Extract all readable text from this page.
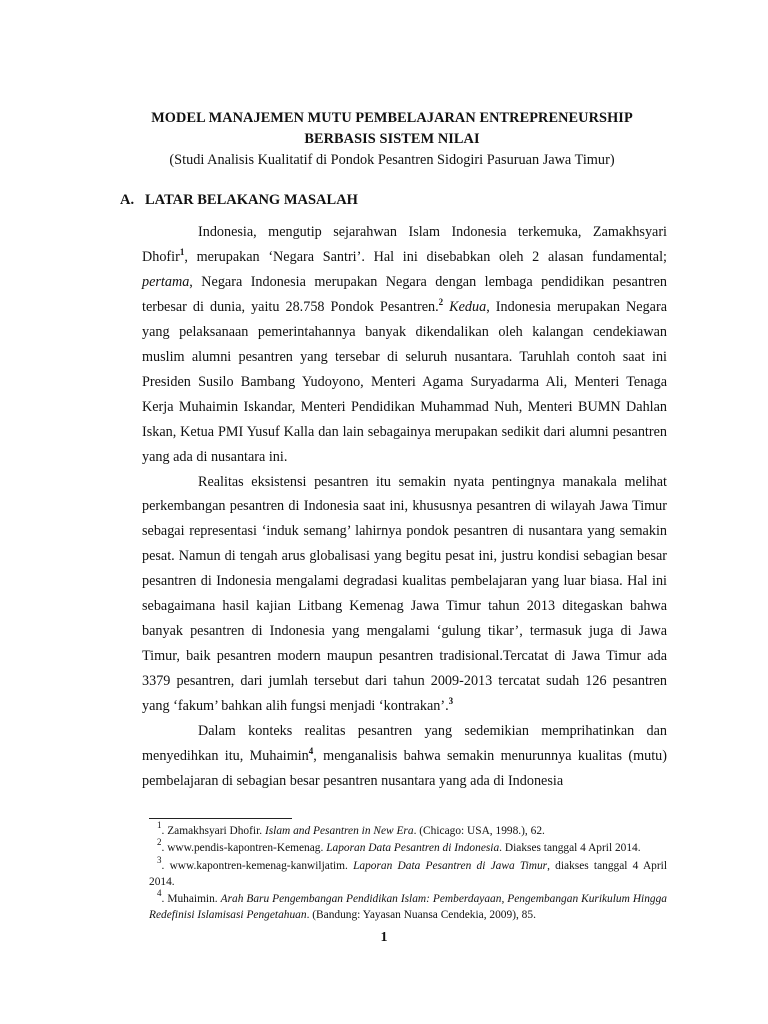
MODEL MANAJEMEN MUTU PEMBELAJARAN ENTREPRENEURSHIP
BERBASIS SISTEM NILAI
(Studi Analisis Kualitatif di Pondok Pesantren Sidogiri Pasuruan Jawa Timur)
A. LATAR BELAKANG MASALAH

Indonesia, mengutip sejarahwan Islam Indonesia terkemuka, Zamakhsyari Dhofir$^1$, merupakan ‘Negara Santri’. Hal ini disebabkan oleh 2 alasan fundamental; pertama, Negara Indonesia merupakan Negara dengan lembaga pendidikan pesantren terbesar di dunia, yaitu 28.758 Pondok Pesantren.$^2$ Kedua, Indonesia merupakan Negara yang pelaksanaan pemerintahannya banyak dikendalikan oleh kalangan cendekiawan muslim alumni pesantren yang tersebar di seluruh nusantara. Taruhlah contoh saat ini Presiden Susilo Bambang Yudoyono, Menteri Agama Suryadarma Ali, Menteri Tenaga Kerja Muhaimin Iskandar, Menteri Pendidikan Muhammad Nuh, Menteri BUMN Dahlan Iskan, Ketua PMI Yusuf Kalla dan lain sebagainya merupakan sedikit dari alumni pesantren yang ada di nusantara ini.

Realitas eksistensi pesantren itu semakin nyata pentingnya manakala melihat perkembangan pesantren di Indonesia saat ini, khususnya pesantren di wilayah Jawa Timur sebagai representasi ‘induk semang’ lahirnya pondok pesantren di nusantara yang semakin pesat. Namun di tengah arus globalisasi yang begitu pesat ini, justru kondisi sebagian besar pesantren di Indonesia mengalami degradasi kualitas pembelajaran yang luar biasa. Hal ini sebagaimana hasil kajian Litbang Kemenag Jawa Timur tahun 2013 ditegaskan bahwa banyak pesantren di Indonesia yang mengalami ‘gulung tikar’, termasuk juga di Jawa Timur, baik pesantren modern maupun pesantren tradisional.Tercatat di Jawa Timur ada 3379 pesantren, dari jumlah tersebut dari tahun 2009-2013 tercatat sudah 126 pesantren yang ‘fakum’ bahkan alih fungsi menjadi ‘kontrakan’.$^3$

Dalam konteks realitas pesantren yang sedemikian memprihatinkan dan menyedihkan itu, Muhaimin$^4$, menganalisis bahwa semakin menurunnya kualitas (mutu) pembelajaran di sebagian besar pesantren nusantara yang ada di Indonesia

$^1$. Zamakhsyari Dhofir. Islam and Pesantren in New Era. (Chicago: USA, 1998.), 62.

$^2$. www.pendis-kapontren-Kemenag. Laporan Data Pesantren di Indonesia. Diakses tanggal 4 April 2014.

$^3$. www.kapontren-kemenag-kanwiljatim. Laporan Data Pesantren di Jawa Timur, diakses tanggal 4 April 2014.

$^4$. Muhaimin. Arah Baru Pengembangan Pendidikan Islam: Pemberdayaan, Pengembangan Kurikulum Hingga Redefinisi Islamisasi Pengetahuan. (Bandung: Yayasan Nuansa Cendekia, 2009), 85.

1
